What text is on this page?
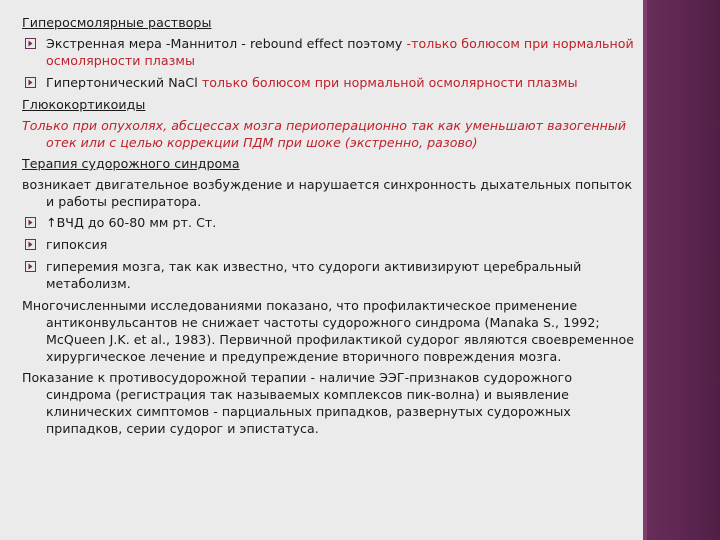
Гиперосмолярные растворы
Экстренная мера -Маннитол - rebound effect поэтому -только болюсом при нормальной осмолярности плазмы
Гипертонический NaCl только болюсом при нормальной осмолярности плазмы
Глюкокортикоиды
Только при опухолях, абсцессах мозга периоперационно так как уменьшают вазогенный отек или с целью коррекции ПДМ при шоке (экстренно, разово)
Терапия судорожного синдрома
возникает двигательное возбуждение и нарушается синхронность дыхательных попыток и работы респиратора.
↑ВЧД до 60-80 мм рт. Ст.
гипоксия
гиперемия мозга, так как известно, что судороги активизируют церебральный метаболизм.
Многочисленными исследованиями показано, что профилактическое применение антиконвульсантов не снижает частоты судорожного синдрома (Manaka S., 1992; McQueen J.K. et al., 1983). Первичной профилактикой судорог являются своевременное хирургическое лечение и предупреждение вторичного повреждения мозга.
Показание к противосудорожной терапии - наличие ЭЭГ-признаков судорожного синдрома (регистрация так называемых комплексов пик-волна) и выявление клинических симптомов - парциальных припадков, развернутых судорожных припадков, серии судорог и эпистатуса.
